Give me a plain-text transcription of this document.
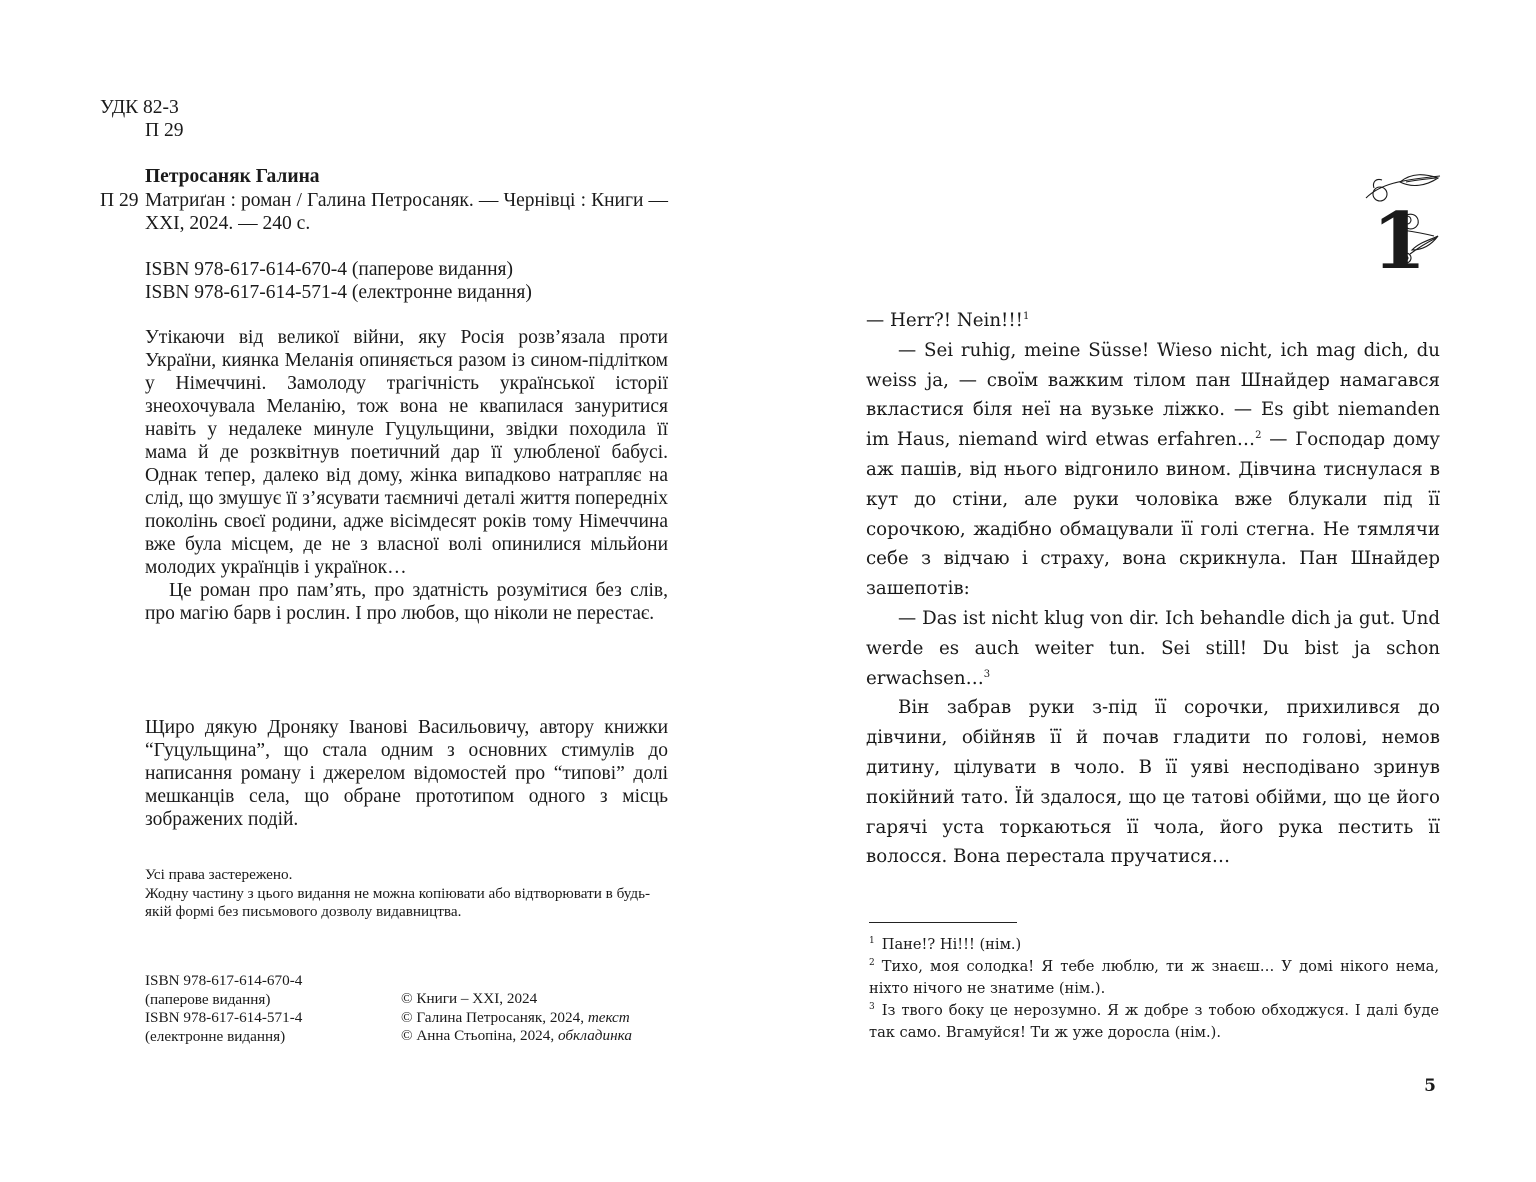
УДК 82-3
П 29
Петросаняк Галина
П 29 Матриґан : роман / Галина Петросаняк. — Чернівці : Книги — XXI, 2024. — 240 с.
ISBN 978-617-614-670-4 (паперове видання)
ISBN 978-617-614-571-4 (електронне видання)

Утікаючи від великої війни, яку Росія розв’язала проти України, киянка Меланія опиняється разом із сином-підлітком у Німеччині. Замолоду трагічність української історії знеохочувала Меланію, тож вона не квапилася зануритися навіть у недалеке минуле Гуцульщини, звідки походила її мама й де розквітнув поетичний дар її улюбленої бабусі. Однак тепер, далеко від дому, жінка випадково натрапляє на слід, що змушує її з’ясувати таємничі деталі життя попередніх поколінь своєї родини, адже вісімдесят років тому Німеччина вже була місцем, де не з власної волі опинилися мільйони молодих українців і українок…

Це роман про пам’ять, про здатність розумітися без слів, про магію барв і рослин. І про любов, що ніколи не перестає.

Щиро дякую Дроняку Іванові Васильовичу, автору книжки “Гуцульщина”, що стала одним з основних стимулів до написання роману і джерелом відомостей про “типові” долі мешканців села, що обране прототипом одного з місць зображених подій.
Усі права застережено.
Жодну частину з цього видання не можна копіювати або відтворювати в будь-якій формі без письмового дозволу видавництва.
ISBN 978-617-614-670-4
(паперове видання)
ISBN 978-617-614-571-4
(електронне видання)
© Книги – XXI, 2024
© Галина Петросаняк, 2024, текст
© Анна Стьопіна, 2024, обкладинка
1

— Herr?! Nein!!!$^1$

— Sei ruhig, meine Süsse! Wieso nicht, ich mag dich, du weiss ja, — своїм важким тілом пан Шнайдер намагався вкластися біля неї на вузьке ліжко. — Es gibt niemanden im Haus, niemand wird etwas erfahren…$^2$ — Господар дому аж пашів, від нього відгонило вином. Дівчина тиснулася в кут до стіни, але руки чоловіка вже блукали під її сорочкою, жадібно обмацували її голі стегна. Не тямлячи себе з відчаю і страху, вона скрикнула. Пан Шнайдер зашепотів:

— Das ist nicht klug von dir. Ich behandle dich ja gut. Und werde es auch weiter tun. Sei still! Du bist ja schon erwachsen…$^3$

Він забрав руки з-під її сорочки, прихилився до дівчини, обійняв її й почав гладити по голові, немов дитину, цілувати в чоло. В її уяві несподівано зринув покійний тато. Їй здалося, що це татові обійми, що це його гарячі уста торкаються її чола, його рука пестить її волосся. Вона перестала пручатися…

$^1$ Пане!? Ні!!! (нім.)

$^2$ Тихо, моя солодка! Я тебе люблю, ти ж знаєш… У домі нікого нема, ніхто нічого не знатиме (нім.).

$^3$ Із твого боку це нерозумно. Я ж добре з тобою обходжуся. І далі буде так само. Вгамуйся! Ти ж уже доросла (нім.).

5
